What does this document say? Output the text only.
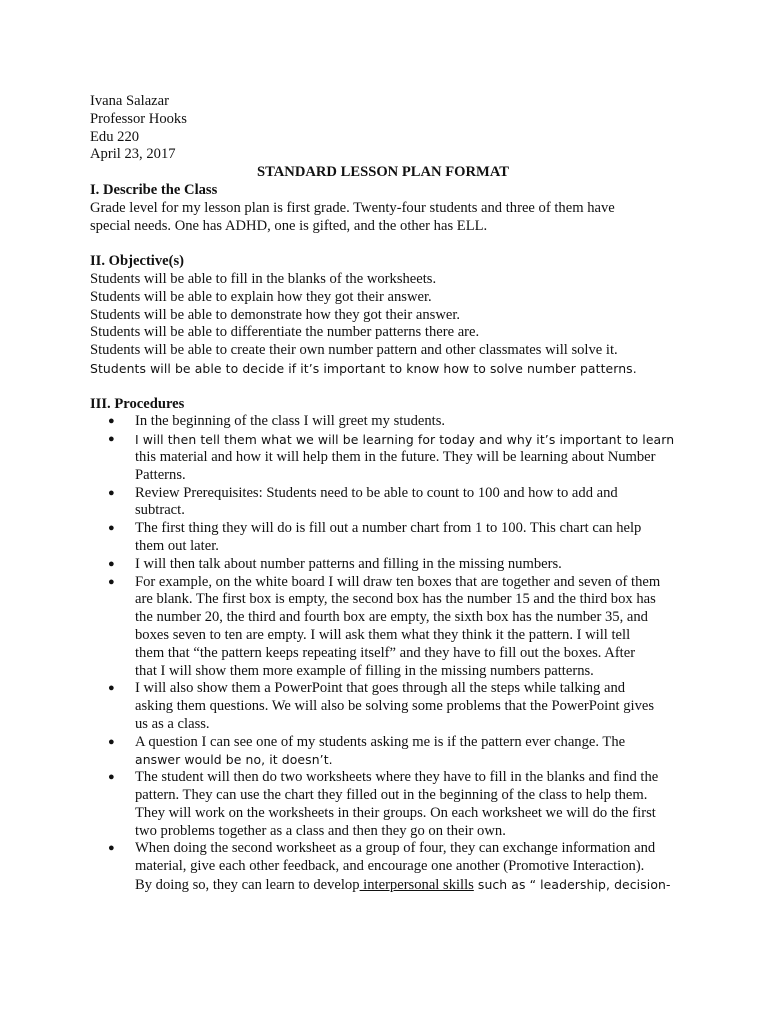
Ivana Salazar
Professor Hooks
Edu 220
April 23, 2017
STANDARD LESSON PLAN FORMAT
I. Describe the Class
Grade level for my lesson plan is first grade. Twenty-four students and three of them have
special needs. One has ADHD, one is gifted, and the other has ELL.
II. Objective(s)
Students will be able to fill in the blanks of the worksheets.
Students will be able to explain how they got their answer.
Students will be able to demonstrate how they got their answer.
Students will be able to differentiate the number patterns there are.
Students will be able to create their own number pattern and other classmates will solve it.
Students will be able to decide if it’s important to know how to solve number patterns.
III. Procedures
● In the beginning of the class I will greet my students.
● I will then tell them what we will be learning for today and why it’s important to learn
this material and how it will help them in the future. They will be learning about Number
Patterns.
● Review Prerequisites: Students need to be able to count to 100 and how to add and
subtract.
● The first thing they will do is fill out a number chart from 1 to 100. This chart can help
them out later.
● I will then talk about number patterns and filling in the missing numbers.
● For example, on the white board I will draw ten boxes that are together and seven of them
are blank. The first box is empty, the second box has the number 15 and the third box has
the number 20, the third and fourth box are empty, the sixth box has the number 35, and
boxes seven to ten are empty. I will ask them what they think it the pattern. I will tell
them that “the pattern keeps repeating itself” and they have to fill out the boxes. After
that I will show them more example of filling in the missing numbers patterns.
● I will also show them a PowerPoint that goes through all the steps while talking and
asking them questions. We will also be solving some problems that the PowerPoint gives
us as a class.
● A question I can see one of my students asking me is if the pattern ever change. The
answer would be no, it doesn’t.
● The student will then do two worksheets where they have to fill in the blanks and find the
pattern. They can use the chart they filled out in the beginning of the class to help them.
They will work on the worksheets in their groups. On each worksheet we will do the first
two problems together as a class and then they go on their own.
● When doing the second worksheet as a group of four, they can exchange information and
material, give each other feedback, and encourage one another (Promotive Interaction).
By doing so, they can learn to develop interpersonal skills such as “ leadership, decision-
